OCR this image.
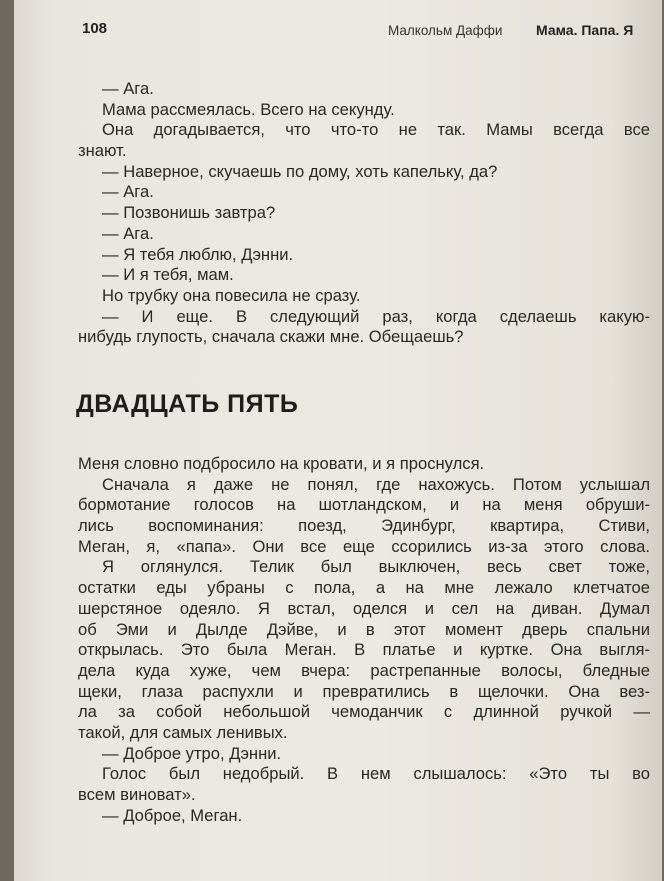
108	Малкольм Даффи Мама. Папа. Я
— Ага.
Мама рассмеялась. Всего на секунду.
Она догадывается, что что-то не так. Мамы всегда все
знают.
— Наверное, скучаешь по дому, хоть капельку, да?
— Ага.
— Позвонишь завтра?
— Ага.
— Я тебя люблю, Дэнни.
— И я тебя, мам.
Но трубку она повесила не сразу.
— И еще. В следующий раз, когда сделаешь какую-
нибудь глупость, сначала скажи мне. Обещаешь?
ДВАДЦАТЬ ПЯТЬ
Меня словно подбросило на кровати, и я проснулся.
Сначала я даже не понял, где нахожусь. Потом услышал
бормотание голосов на шотландском, и на меня обруши-
лись воспоминания: поезд, Эдинбург, квартира, Стиви,
Меган, я, «папа». Они все еще ссорились из-за этого слова.
Я оглянулся. Телик был выключен, весь свет тоже,
остатки еды убраны с пола, а на мне лежало клетчатое
шерстяное одеяло. Я встал, оделся и сел на диван. Думал
об Эми и Дылде Дэйве, и в этот момент дверь спальни
открылась. Это была Меган. В платье и куртке. Она выгля-
дела куда хуже, чем вчера: растрепанные волосы, бледные
щеки, глаза распухли и превратились в щелочки. Она вез-
ла за собой небольшой чемоданчик с длинной ручкой —
такой, для самых ленивых.
— Доброе утро, Дэнни.
Голос был недобрый. В нем слышалось: «Это ты во
всем виноват».
— Доброе, Меган.
